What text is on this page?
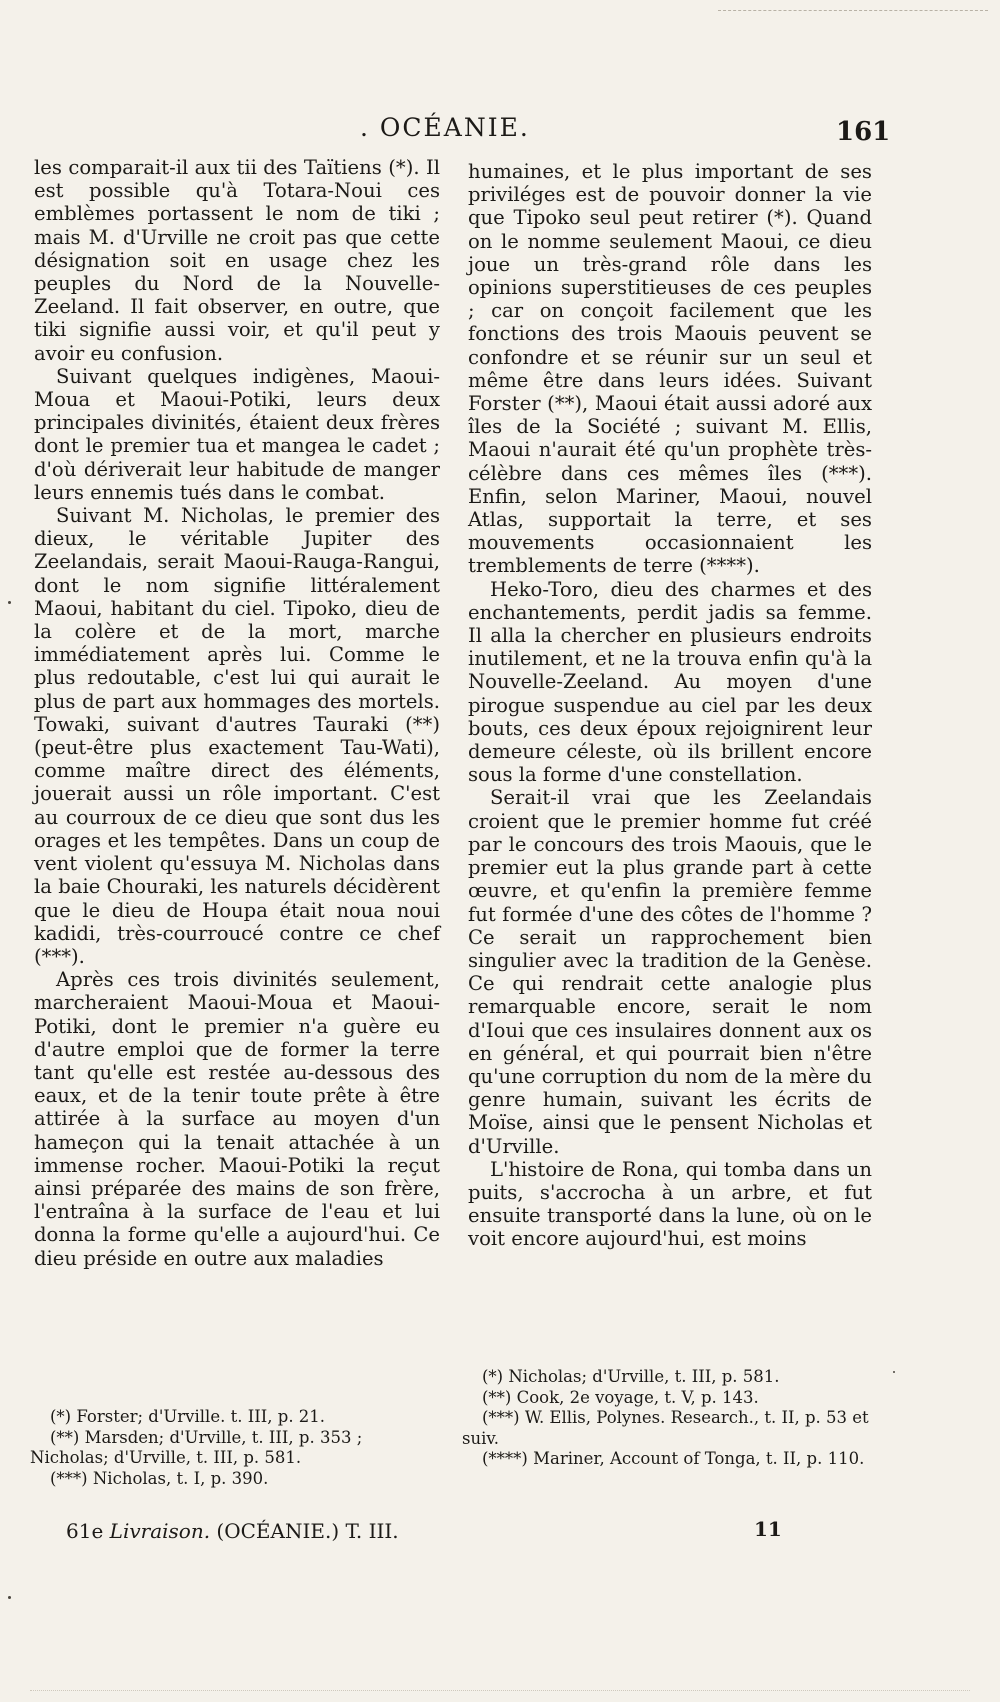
. OCÉANIE.	161

les comparait-il aux tii des Taïtiens (*). Il est possible qu'à Totara-Noui ces emblèmes portassent le nom de tiki ; mais M. d'Urville ne croit pas que cette désignation soit en usage chez les peuples du Nord de la Nouvelle-Zeeland. Il fait observer, en outre, que tiki signifie aussi voir, et qu'il peut y avoir eu confusion.

Suivant quelques indigènes, Maoui-Moua et Maoui-Potiki, leurs deux principales divinités, étaient deux frères dont le premier tua et mangea le cadet ; d'où dériverait leur habitude de manger leurs ennemis tués dans le combat.

Suivant M. Nicholas, le premier des dieux, le véritable Jupiter des Zeelandais, serait Maoui-Rauga-Rangui, dont le nom signifie littéralement Maoui, habitant du ciel. Tipoko, dieu de la colère et de la mort, marche immédiatement après lui. Comme le plus redoutable, c'est lui qui aurait le plus de part aux hommages des mortels. Towaki, suivant d'autres Tauraki (**) (peut-être plus exactement Tau-Wati), comme maître direct des éléments, jouerait aussi un rôle important. C'est au courroux de ce dieu que sont dus les orages et les tempêtes. Dans un coup de vent violent qu'essuya M. Nicholas dans la baie Chouraki, les naturels décidèrent que le dieu de Houpa était noua noui kadidi, très-courroucé contre ce chef (***).

Après ces trois divinités seulement, marcheraient Maoui-Moua et Maoui-Potiki, dont le premier n'a guère eu d'autre emploi que de former la terre tant qu'elle est restée au-dessous des eaux, et de la tenir toute prête à être attirée à la surface au moyen d'un hameçon qui la tenait attachée à un immense rocher. Maoui-Potiki la reçut ainsi préparée des mains de son frère, l'entraîna à la surface de l'eau et lui donna la forme qu'elle a aujourd'hui. Ce dieu préside en outre aux maladies

humaines, et le plus important de ses priviléges est de pouvoir donner la vie que Tipoko seul peut retirer (*). Quand on le nomme seulement Maoui, ce dieu joue un très-grand rôle dans les opinions superstitieuses de ces peuples ; car on conçoit facilement que les fonctions des trois Maouis peuvent se confondre et se réunir sur un seul et même être dans leurs idées. Suivant Forster (**), Maoui était aussi adoré aux îles de la Société ; suivant M. Ellis, Maoui n'aurait été qu'un prophète très-célèbre dans ces mêmes îles (***). Enfin, selon Mariner, Maoui, nouvel Atlas, supportait la terre, et ses mouvements occasionnaient les tremblements de terre (****).

Heko-Toro, dieu des charmes et des enchantements, perdit jadis sa femme. Il alla la chercher en plusieurs endroits inutilement, et ne la trouva enfin qu'à la Nouvelle-Zeeland. Au moyen d'une pirogue suspendue au ciel par les deux bouts, ces deux époux rejoignirent leur demeure céleste, où ils brillent encore sous la forme d'une constellation.

Serait-il vrai que les Zeelandais croient que le premier homme fut créé par le concours des trois Maouis, que le premier eut la plus grande part à cette œuvre, et qu'enfin la première femme fut formée d'une des côtes de l'homme ? Ce serait un rapprochement bien singulier avec la tradition de la Genèse. Ce qui rendrait cette analogie plus remarquable encore, serait le nom d'Ioui que ces insulaires donnent aux os en général, et qui pourrait bien n'être qu'une corruption du nom de la mère du genre humain, suivant les écrits de Moïse, ainsi que le pensent Nicholas et d'Urville.

L'histoire de Rona, qui tomba dans un puits, s'accrocha à un arbre, et fut ensuite transporté dans la lune, où on le voit encore aujourd'hui, est moins

(*) Forster; d'Urville. t. III, p. 21.

(**) Marsden; d'Urville, t. III, p. 353 ; Nicholas; d'Urville, t. III, p. 581.

(***) Nicholas, t. I, p. 390.

(*) Nicholas; d'Urville, t. III, p. 581.

(**) Cook, 2e voyage, t. V, p. 143.

(***) W. Ellis, Polynes. Research., t. II, p. 53 et suiv.

(****) Mariner, Account of Tonga, t. II, p. 110.

61e Livraison. (OCÉANIE.) T. III.	11
